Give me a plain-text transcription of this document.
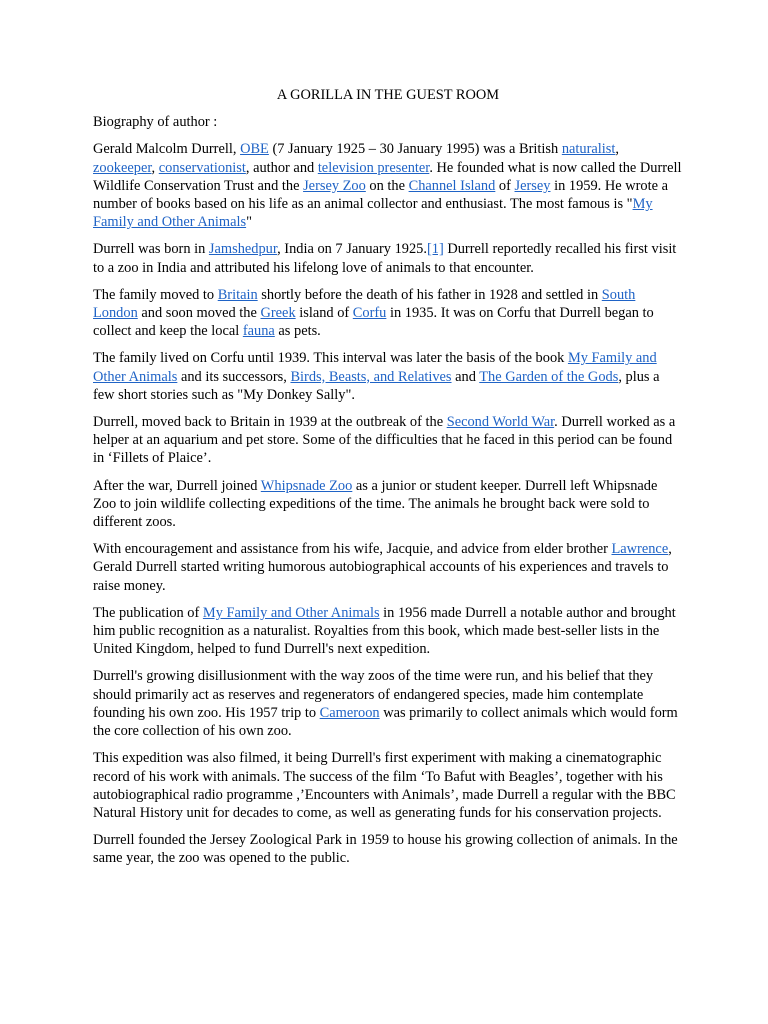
A GORILLA IN THE GUEST ROOM

Biography of author :

Gerald Malcolm Durrell, OBE (7 January 1925 – 30 January 1995) was a British naturalist, zookeeper, conservationist, author and television presenter. He founded what is now called the Durrell Wildlife Conservation Trust and the Jersey Zoo on the Channel Island of Jersey in 1959. He wrote a number of books based on his life as an animal collector and enthusiast. The most famous is "My Family and Other Animals"

Durrell was born in Jamshedpur, India on 7 January 1925.[1] Durrell reportedly recalled his first visit to a zoo in India and attributed his lifelong love of animals to that encounter.

The family moved to Britain shortly before the death of his father in 1928 and settled in South London and soon moved the Greek island of Corfu in 1935. It was on Corfu that Durrell began to collect and keep the local fauna as pets.

The family lived on Corfu until 1939. This interval was later the basis of the book My Family and Other Animals and its successors, Birds, Beasts, and Relatives and The Garden of the Gods, plus a few short stories such as "My Donkey Sally".

Durrell, moved back to Britain in 1939 at the outbreak of the Second World War. Durrell worked as a helper at an aquarium and pet store. Some of the difficulties that he faced in this period can be found in ‘Fillets of Plaice’.

After the war, Durrell joined Whipsnade Zoo as a junior or student keeper. Durrell left Whipsnade Zoo to join wildlife collecting expeditions of the time. The animals he brought back were sold to different zoos.

With encouragement and assistance from his wife, Jacquie, and advice from elder brother Lawrence, Gerald Durrell started writing humorous autobiographical accounts of his experiences and travels to raise money.

The publication of My Family and Other Animals in 1956 made Durrell a notable author and brought him public recognition as a naturalist. Royalties from this book, which made best-seller lists in the United Kingdom, helped to fund Durrell's next expedition.

Durrell's growing disillusionment with the way zoos of the time were run, and his belief that they should primarily act as reserves and regenerators of endangered species, made him contemplate founding his own zoo. His 1957 trip to Cameroon was primarily to collect animals which would form the core collection of his own zoo.

This expedition was also filmed, it being Durrell's first experiment with making a cinematographic record of his work with animals. The success of the film ‘To Bafut with Beagles’, together with his autobiographical radio programme ,’Encounters with Animals’, made Durrell a regular with the BBC Natural History unit for decades to come, as well as generating funds for his conservation projects.

Durrell founded the Jersey Zoological Park in 1959 to house his growing collection of animals. In the same year, the zoo was opened to the public.
